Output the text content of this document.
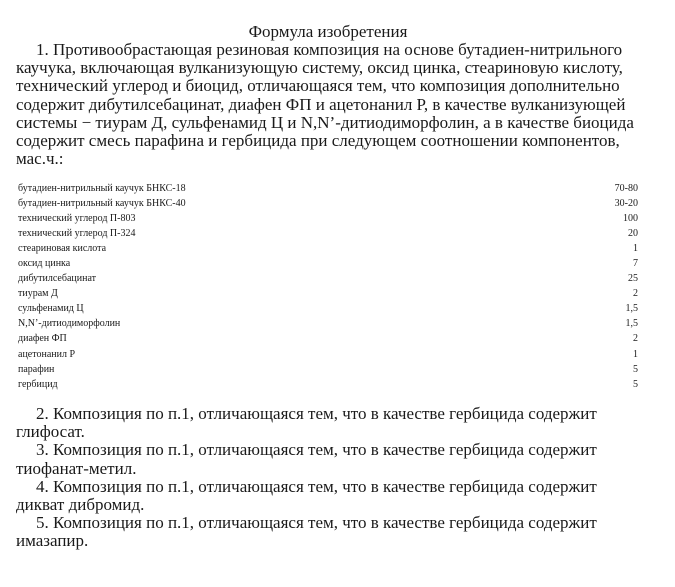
Формула изобретения

1. Противообрастающая резиновая композиция на основе бутадиен-нитрильного каучука, включающая вулканизующую систему, оксид цинка, стеариновую кислоту, технический углерод и биоцид, отличающаяся тем, что композиция дополнительно содержит дибутилсебацинат, диафен ФП и ацетонанил Р, в качестве вулканизующей системы − тиурам Д, сульфенамид Ц и N,N’-дитиодиморфолин, а в качестве биоцида содержит смесь парафина и гербицида при следующем соотношении компонентов, мас.ч.:

бутадиен-нитрильный каучук БНКС-18	70-80
бутадиен-нитрильный каучук БНКС-40	30-20
технический углерод П-803	100
технический углерод П-324	20
стеариновая кислота	1
оксид цинка	7
дибутилсебацинат	25
тиурам Д	2
сульфенамид Ц	1,5
N,N’-дитиодиморфолин	1,5
диафен ФП	2
ацетонанил Р	1
парафин	5
гербицид	5

2. Композиция по п.1, отличающаяся тем, что в качестве гербицида содержит глифосат.

3. Композиция по п.1, отличающаяся тем, что в качестве гербицида содержит тиофанат-метил.

4. Композиция по п.1, отличающаяся тем, что в качестве гербицида содержит дикват дибромид.

5. Композиция по п.1, отличающаяся тем, что в качестве гербицида содержит имазапир.
